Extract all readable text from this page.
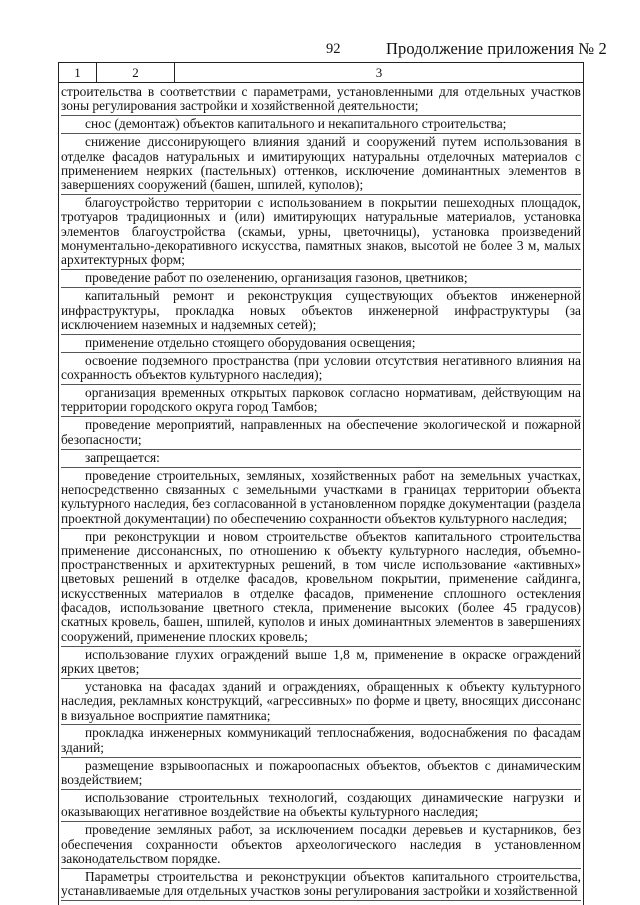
92	Продолжение приложения № 2
1	2	3

строительства в соответствии с параметрами, установленными для отдельных участков зоны регулирования застройки и хозяйственной деятельности;

снос (демонтаж) объектов капитального и некапитального строительства;

снижение диссонирующего влияния зданий и сооружений путем использования в отделке фасадов натуральных и имитирующих натуральны отделочных материалов с применением неярких (пастельных) оттенков, исключение доминантных элементов в завершениях сооружений (башен, шпилей, куполов);

благоустройство территории с использованием в покрытии пешеходных площадок, тротуаров традиционных и (или) имитирующих натуральные материалов, установка элементов благоустройства (скамьи, урны, цветочницы), установка произведений монументально-декоративного искусства, памятных знаков, высотой не более 3 м, малых архитектурных форм;

проведение работ по озеленению, организация газонов, цветников;

капитальный ремонт и реконструкция существующих объектов инженерной инфраструктуры, прокладка новых объектов инженерной инфраструктуры (за исключением наземных и надземных сетей);

применение отдельно стоящего оборудования освещения;

освоение подземного пространства (при условии отсутствия негативного влияния на сохранность объектов культурного наследия);

организация временных открытых парковок согласно нормативам, действующим на территории городского округа город Тамбов;

проведение мероприятий, направленных на обеспечение экологической и пожарной безопасности;

запрещается:

проведение строительных, земляных, хозяйственных работ на земельных участках, непосредственно связанных с земельными участками в границах территории объекта культурного наследия, без согласованной в установленном порядке документации (раздела проектной документации) по обеспечению сохранности объектов культурного наследия;

при реконструкции и новом строительстве объектов капитального строительства применение диссонансных, по отношению к объекту культурного наследия, объемно-пространственных и архитектурных решений, в том числе использование «активных» цветовых решений в отделке фасадов, кровельном покрытии, применение сайдинга, искусственных материалов в отделке фасадов, применение сплошного остекления фасадов, использование цветного стекла, применение высоких (более 45 градусов) скатных кровель, башен, шпилей, куполов и иных доминантных элементов в завершениях сооружений, применение плоских кровель;

использование глухих ограждений выше 1,8 м, применение в окраске ограждений ярких цветов;

установка на фасадах зданий и ограждениях, обращенных к объекту культурного наследия, рекламных конструкций, «агрессивных» по форме и цвету, вносящих диссонанс в визуальное восприятие памятника;

прокладка инженерных коммуникаций теплоснабжения, водоснабжения по фасадам зданий;

размещение взрывоопасных и пожароопасных объектов, объектов с динамическим воздействием;

использование строительных технологий, создающих динамические нагрузки и оказывающих негативное воздействие на объекты культурного наследия;

проведение земляных работ, за исключением посадки деревьев и кустарников, без обеспечения сохранности объектов археологического наследия в установленном законодательством порядке.

Параметры строительства и реконструкции объектов капитального строительства, устанавливаемые для отдельных участков зоны регулирования застройки и хозяйственной
